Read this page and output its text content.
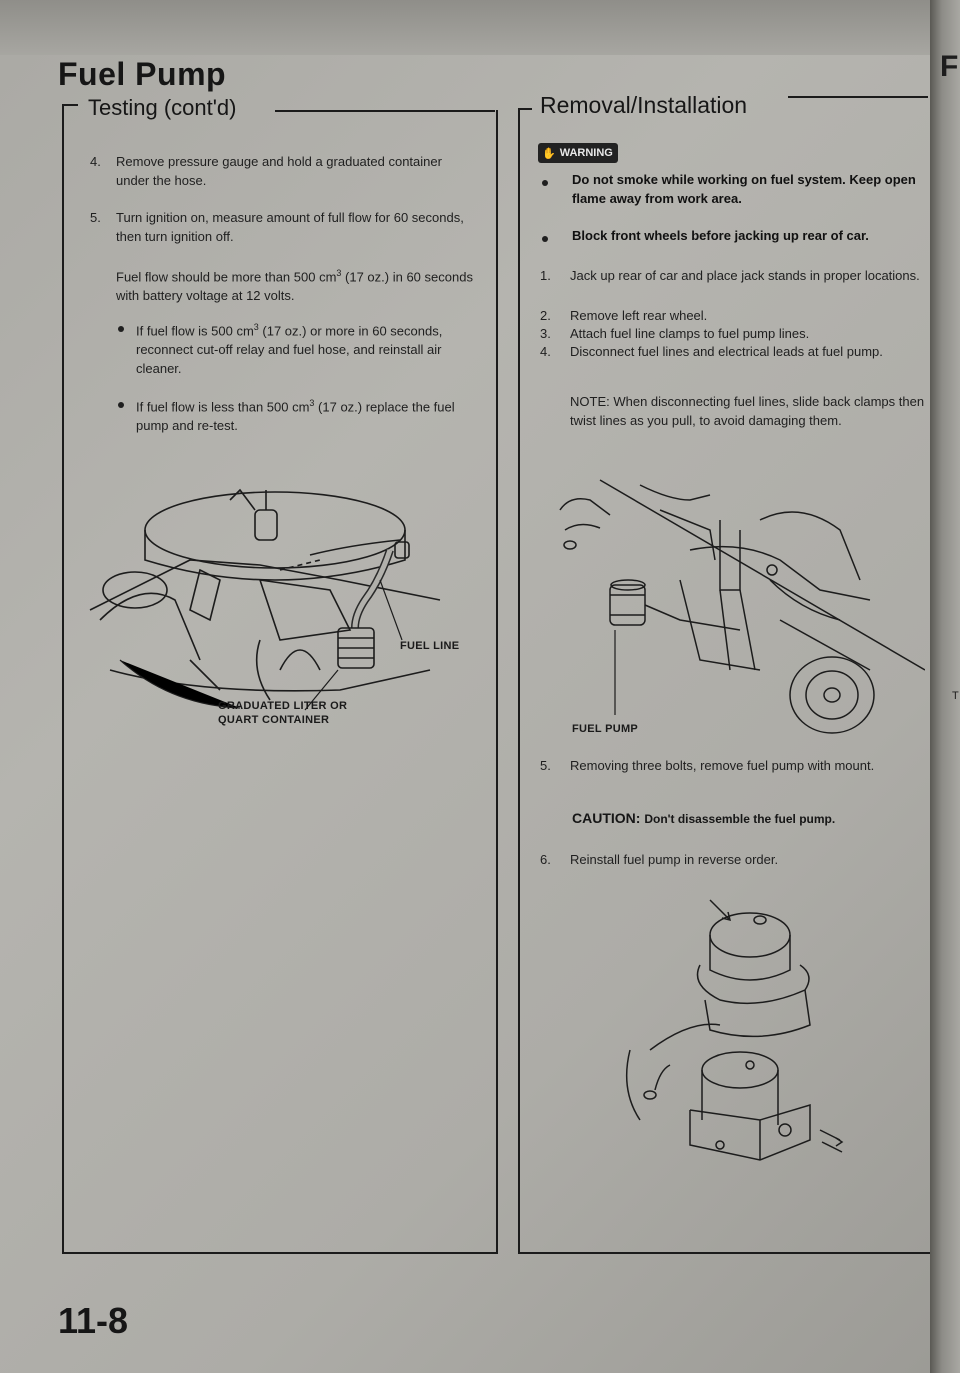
Fuel Pump
Testing (cont'd)
4. Remove pressure gauge and hold a graduated container under the hose.
5. Turn ignition on, measure amount of full flow for 60 seconds, then turn ignition off.
Fuel flow should be more than 500 $cm^3$ (17 oz.) in 60 seconds with battery voltage at 12 volts.
If fuel flow is 500 $cm^3$ (17 oz.) or more in 60 seconds, reconnect cut-off relay and fuel hose, and reinstall air cleaner.
If fuel flow is less than 500 $cm^3$ (17 oz.) replace the fuel pump and re-test.
FUEL LINE
GRADUATED LITER OR
QUART CONTAINER
Removal/Installation
✋ WARNING
Do not smoke while working on fuel system. Keep open flame away from work area.
Block front wheels before jacking up rear of car.
1. Jack up rear of car and place jack stands in proper locations.
2. Remove left rear wheel.
3. Attach fuel line clamps to fuel pump lines.
4. Disconnect fuel lines and electrical leads at fuel pump.
NOTE: When disconnecting fuel lines, slide back clamps then twist lines as you pull, to avoid damaging them.
FUEL PUMP
5. Removing three bolts, remove fuel pump with mount.
CAUTION: Don't disassemble the fuel pump.
6. Reinstall fuel pump in reverse order.
11-8
F
T
